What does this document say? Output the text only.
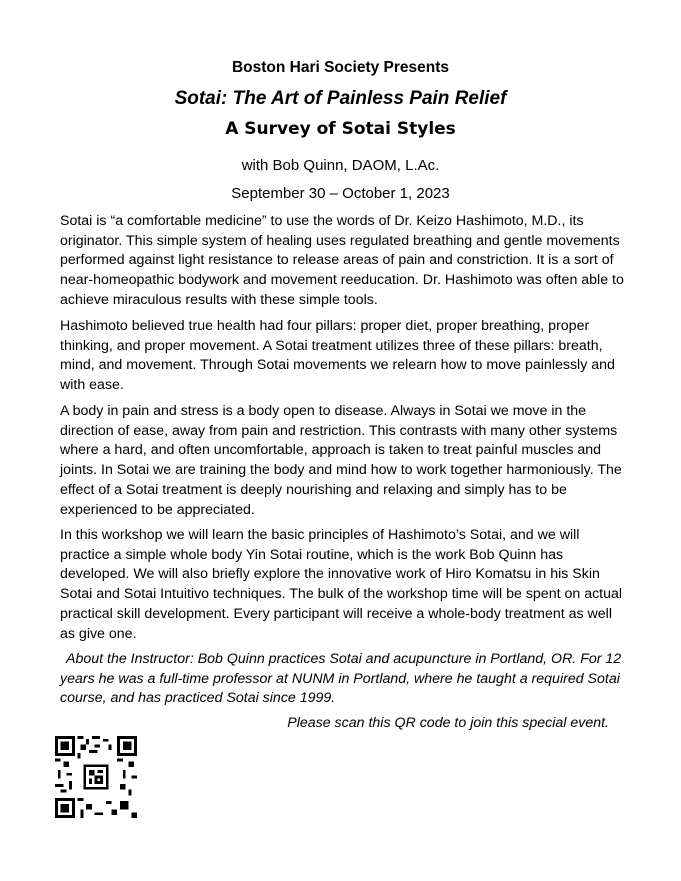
Boston Hari Society Presents
Sotai: The Art of Painless Pain Relief
A Survey of Sotai Styles
with Bob Quinn, DAOM, L.Ac.
September 30 – October 1, 2023
Sotai is “a comfortable medicine” to use the words of Dr. Keizo Hashimoto, M.D., its originator. This simple system of healing uses regulated breathing and gentle movements performed against light resistance to release areas of pain and constriction. It is a sort of near-homeopathic bodywork and movement reeducation. Dr. Hashimoto was often able to achieve miraculous results with these simple tools.
Hashimoto believed true health had four pillars: proper diet, proper breathing, proper thinking, and proper movement. A Sotai treatment utilizes three of these pillars: breath, mind, and movement. Through Sotai movements we relearn how to move painlessly and with ease.
A body in pain and stress is a body open to disease. Always in Sotai we move in the direction of ease, away from pain and restriction. This contrasts with many other systems where a hard, and often uncomfortable, approach is taken to treat painful muscles and joints. In Sotai we are training the body and mind how to work together harmoniously. The effect of a Sotai treatment is deeply nourishing and relaxing and simply has to be experienced to be appreciated.
In this workshop we will learn the basic principles of Hashimoto’s Sotai, and we will practice a simple whole body Yin Sotai routine, which is the work Bob Quinn has developed. We will also briefly explore the innovative work of Hiro Komatsu in his Skin Sotai and Sotai Intuitivo techniques. The bulk of the workshop time will be spent on actual practical skill development. Every participant will receive a whole-body treatment as well as give one.
About the Instructor: Bob Quinn practices Sotai and acupuncture in Portland, OR. For 12 years he was a full-time professor at NUNM in Portland, where he taught a required Sotai course, and has practiced Sotai since 1999.
Please scan this QR code to join this special event.
